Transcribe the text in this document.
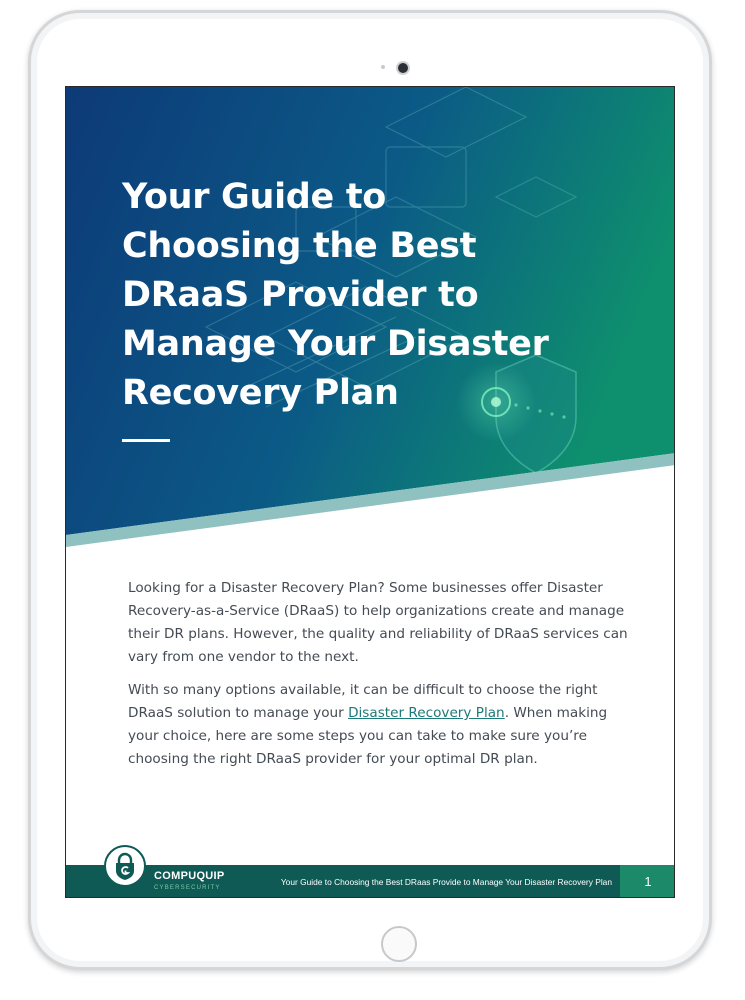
Your Guide to
Choosing the Best
DRaaS Provider to
Manage Your Disaster
Recovery Plan

Looking for a Disaster Recovery Plan? Some businesses offer Disaster Recovery-as-a-Service (DRaaS) to help organizations create and manage their DR plans. However, the quality and reliability of DRaaS services can vary from one vendor to the next.

With so many options available, it can be difficult to choose the right DRaaS solution to manage your Disaster Recovery Plan. When making your choice, here are some steps you can take to make sure you’re choosing the right DRaaS provider for your optimal DR plan.

Your Guide to Choosing the Best DRaas Provide to Manage Your Disaster Recovery Plan	1
COMPUQUIP
CYBERSECURITY
